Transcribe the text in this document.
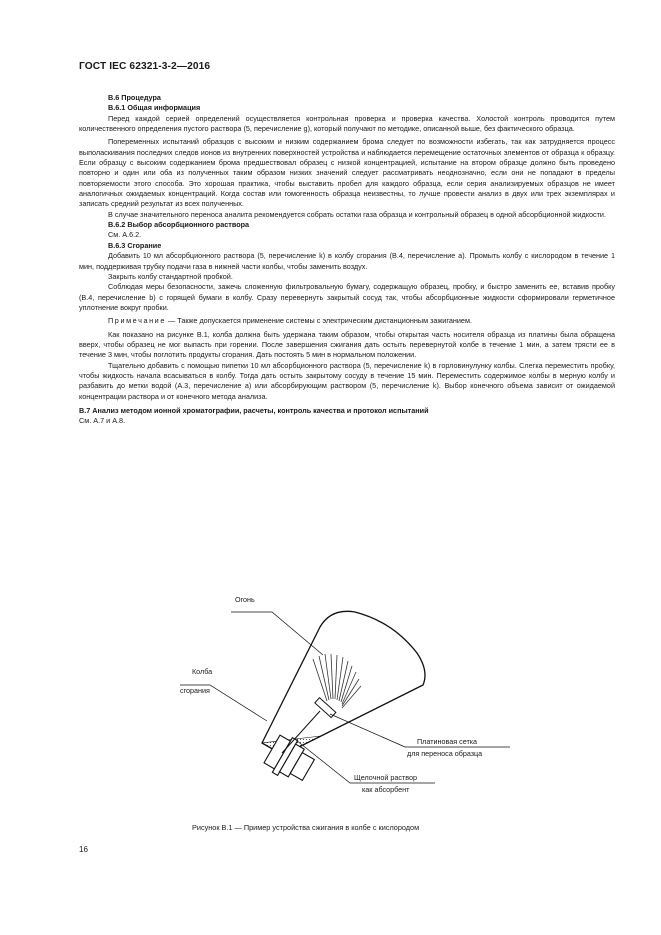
ГОСТ IEC 62321-3-2—2016

В.6 Процедура

В.6.1 Общая информация

Перед каждой серией определений осуществляется контрольная проверка и проверка качества. Холостой контроль проводится путем количественного определения пустого раствора (5, перечисление g), который получают по методике, описанной выше, без фактического образца.

Попеременных испытаний образцов с высоким и низким содержанием брома следует по возможности избегать, так как затрудняется процесс выполаскивания последних следов ионов из внутренних поверхностей устройства и наблюдается перемещение остаточных элементов от образца к образцу. Если образцу с высоким содержанием брома предшествовал образец с низкой концентрацией, испытание на втором образце должно быть проведено повторно и один или оба из полученных таким образом низких значений следует рассматривать неоднозначно, если они не попадают в пределы повторяемости этого способа. Это хорошая практика, чтобы выставить пробел для каждого образца, если серия анализируемых образцов не имеет аналогичных ожидаемых концентраций. Когда состав или гомогенность образца неизвестны, то лучше провести анализ в двух или трех экземплярах и записать средний результат из всех полученных.

В случае значительного переноса аналита рекомендуется собрать остатки газа образца и контрольный образец в одной абсорбционной жидкости.

В.6.2 Выбор абсорбционного раствора

См. А.6.2.

В.6.3 Сгорание

Добавить 10 мл абсорбционного раствора (5, перечисление k) в колбу сгорания (В.4, перечисление а). Промыть колбу с кислородом в течение 1 мин, поддерживая трубку подачи газа в нижней части колбы, чтобы заменить воздух.

Закрыть колбу стандартной пробкой.

Соблюдая меры безопасности, зажечь сложенную фильтровальную бумагу, содержащую образец, пробку, и быстро заменить ее, вставив пробку (В.4, перечисление b) с горящей бумаги в колбу. Сразу перевернуть закрытый сосуд так, чтобы абсорбционные жидкости сформировали герметичное уплотнение вокруг пробки.

Примечание — Также допускается применение системы с электрическим дистанционным зажиганием.

Как показано на рисунке В.1, колба должна быть удержана таким образом, чтобы открытая часть носителя образца из платины была обращена вверх, чтобы образец не мог выпасть при горении. После завершения сжигания дать остыть перевернутой колбе в течение 1 мин, а затем трясти ее в течение 3 мин, чтобы поглотить продукты сгорания. Дать постоять 5 мин в нормальном положении.

Тщательно добавить с помощью пипетки 10 мл абсорбционного раствора (5, перечисление k) в горловинулунку колбы. Слегка переместить пробку, чтобы жидкость начала всасываться в колбу. Тогда дать остыть закрытому сосуду в течение 15 мин. Переместить содержимое колбы в мерную колбу и разбавить до метки водой (А.3, перечисление а) или абсорбирующим раствором (5, перечисление k). Выбор конечного объема зависит от ожидаемой концентрации раствора и от конечного метода анализа.

В.7 Анализ методом ионной хроматографии, расчеты, контроль качества и протокол испытаний

См. А.7 и А.8.

Огонь
Колба
сгорания
Платиновая сетка
для переноса образца
Щелочной раствор
как абсорбент
Рисунок В.1 — Пример устройства сжигания в колбе с кислородом
16
